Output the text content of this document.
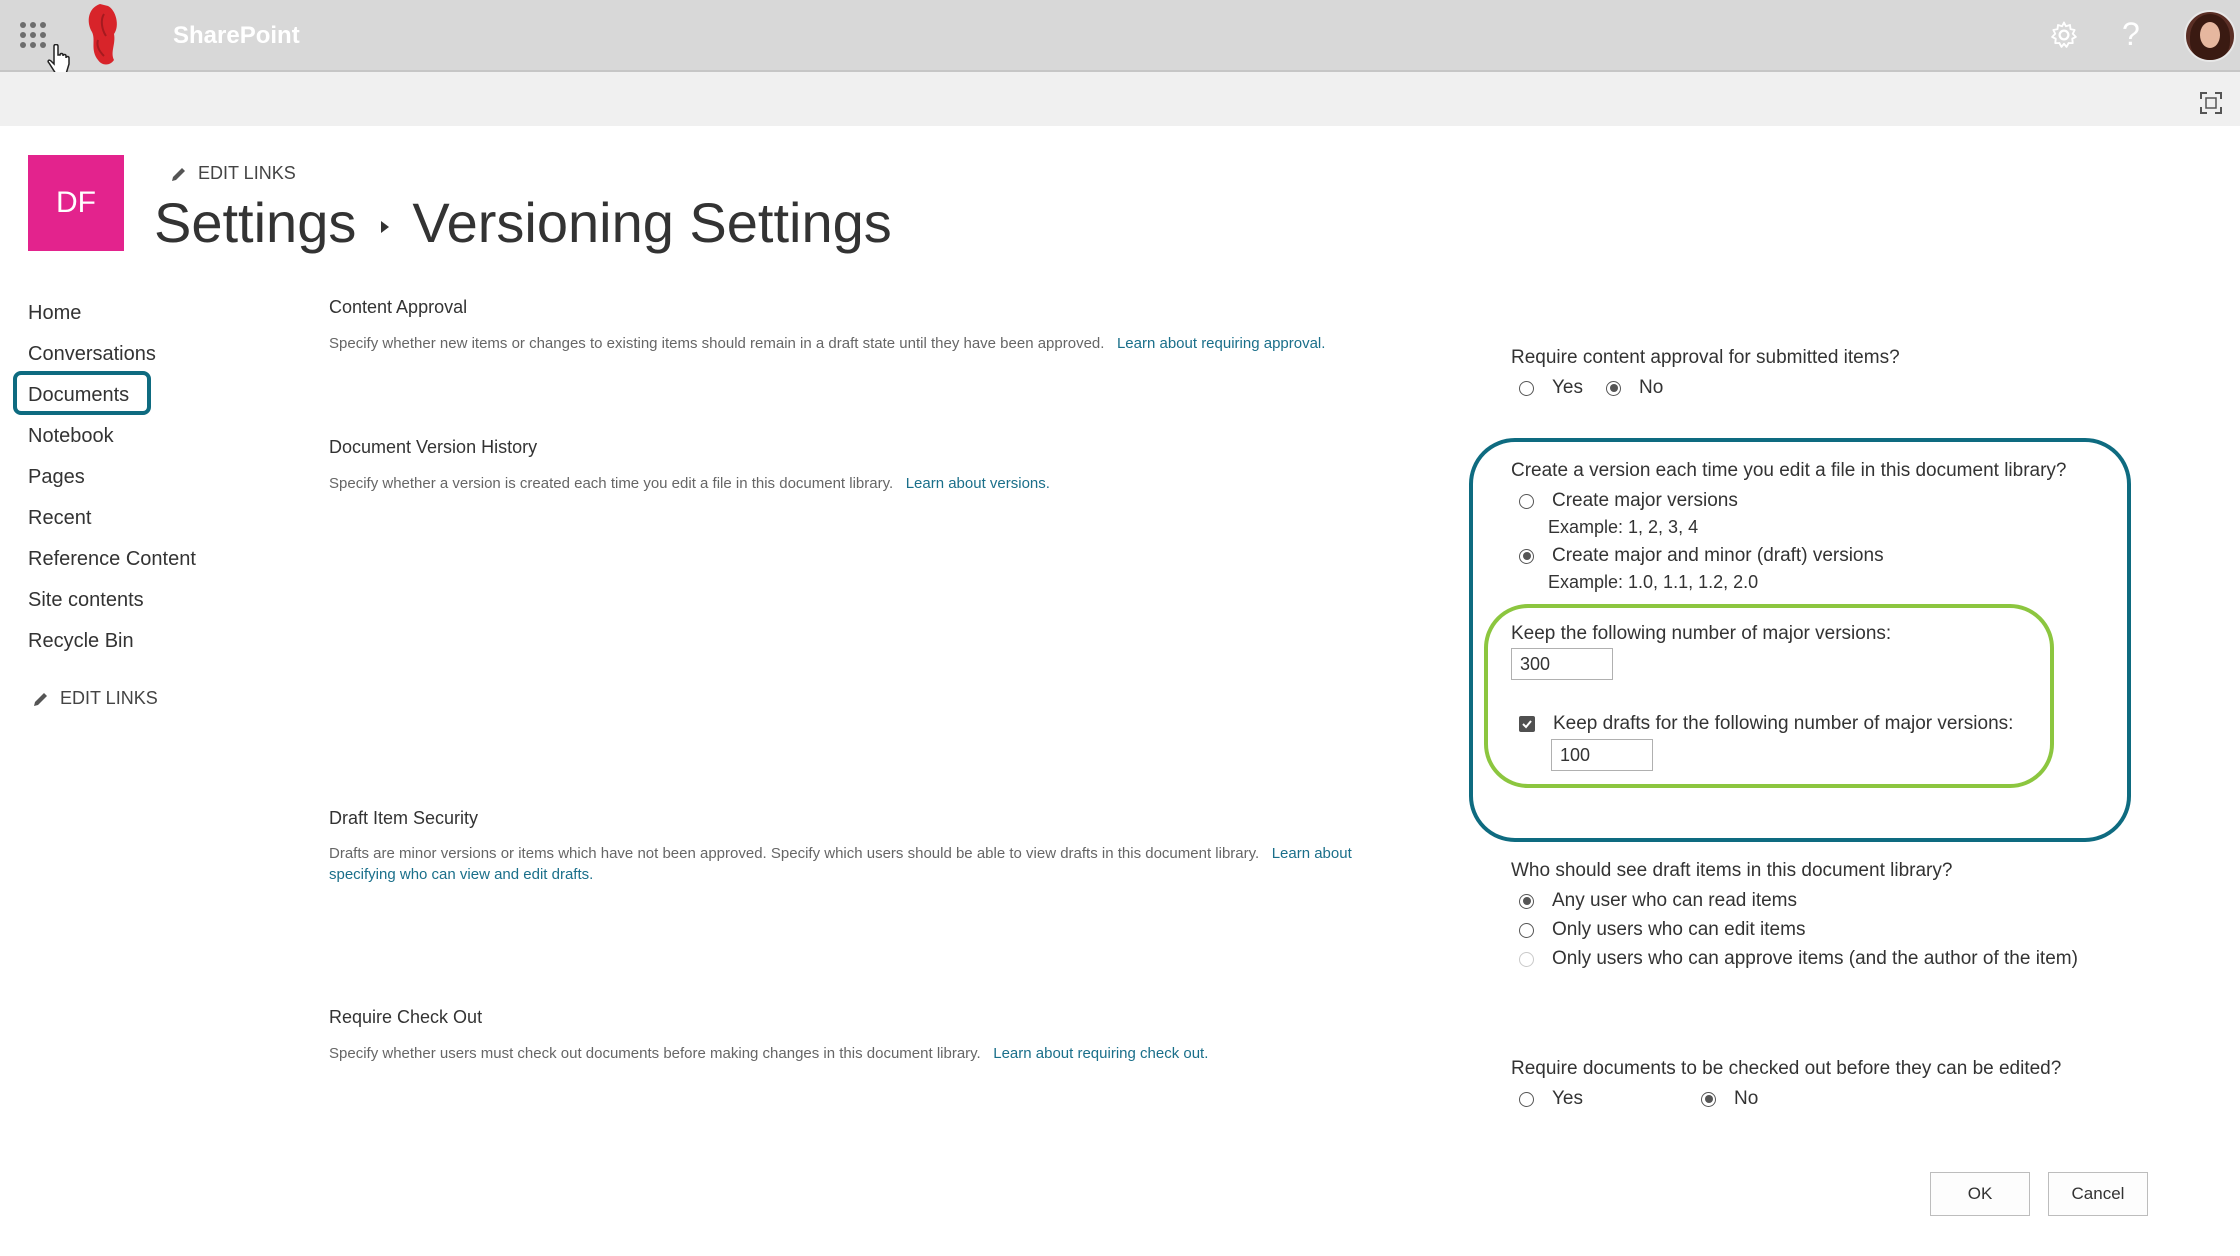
SharePoint	?
DF
EDIT LINKS
Settings Versioning Settings
Home
Conversations
Documents
Notebook
Pages
Recent
Reference Content
Site contents
Recycle Bin
EDIT LINKS
Content Approval
Specify whether new items or changes to existing items should remain in a draft state until they have been approved. Learn about requiring approval.
Require content approval for submitted items?
Yes	No
Document Version History
Specify whether a version is created each time you edit a file in this document library. Learn about versions.
Create a version each time you edit a file in this document library?
Create major versions
Example: 1, 2, 3, 4
Create major and minor (draft) versions
Example: 1.0, 1.1, 1.2, 2.0
Keep the following number of major versions:
300
Keep drafts for the following number of major versions:
100
Draft Item Security
Drafts are minor versions or items which have not been approved. Specify which users should be able to view drafts in this document library. Learn about
specifying who can view and edit drafts.	Who should see draft items in this document library?
Any user who can read items
Only users who can edit items
Only users who can approve items (and the author of the item)
Require Check Out
Specify whether users must check out documents before making changes in this document library. Learn about requiring check out.
Require documents to be checked out before they can be edited?
Yes	No
OK	Cancel
